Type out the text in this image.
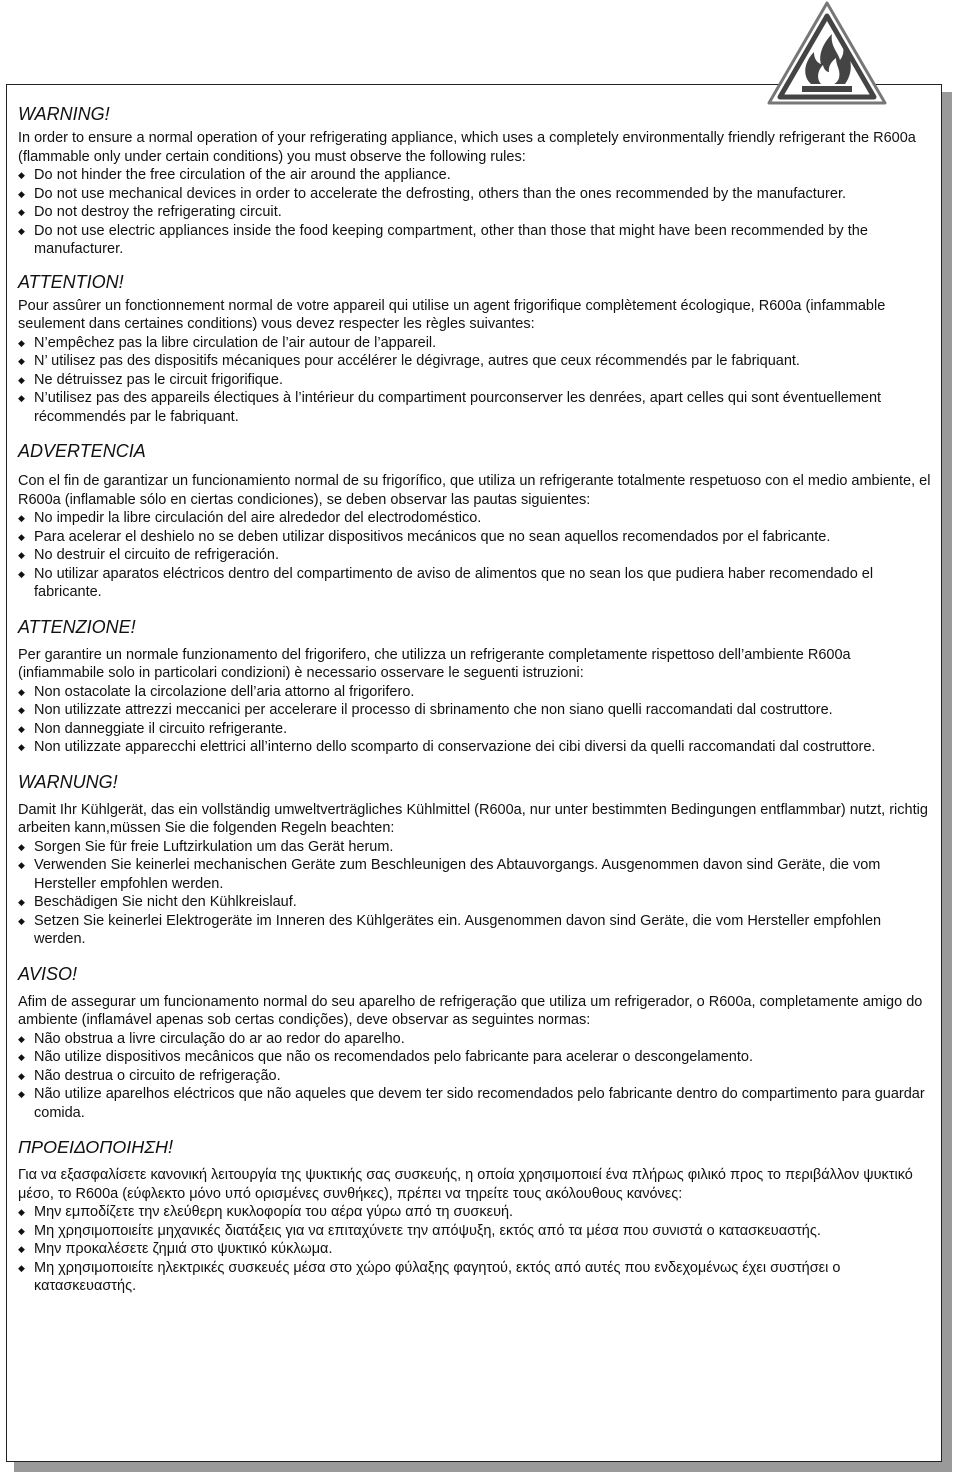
WARNING!

In order to ensure a normal operation of your refrigerating appliance, which uses a completely environmentally friendly refrigerant the R600a (flammable only under certain conditions) you must observe the following rules:

◆ Do not hinder the free circulation of the air around the appliance.
◆ Do not use mechanical devices in order to accelerate the defrosting, others than the ones recommended by the manufacturer.
◆ Do not destroy the refrigerating circuit.
◆ Do not use electric appliances inside the food keeping compartment, other than those that might have been recommended by the manufacturer.
ATTENTION!

Pour assûrer un fonctionnement normal de votre appareil qui utilise un agent frigorifique complètement écologique, R600a (infammable seulement dans certaines conditions) vous devez respecter les règles suivantes:

◆ N’empêchez pas la libre circulation de l’air autour de l’appareil.
◆ N’ utilisez pas des dispositifs mécaniques pour accélérer le dégivrage, autres que ceux récommendés par le fabriquant.
◆ Ne détruissez pas le circuit frigorifique.
◆ N’utilisez pas des appareils électiques à l’intérieur du compartiment pourconserver les denrées, apart celles qui sont éventuellement récommendés par le fabriquant.
ADVERTENCIA

Con el fin de garantizar un funcionamiento normal de su frigorífico, que utiliza un refrigerante totalmente respetuoso con el medio ambiente, el R600a (inflamable sólo en ciertas condiciones), se deben observar las pautas siguientes:

◆ No impedir la libre circulación del aire alrededor del electrodoméstico.
◆ Para acelerar el deshielo no se deben utilizar dispositivos mecánicos que no sean aquellos recomendados por el fabricante.
◆ No destruir el circuito de refrigeración.
◆ No utilizar aparatos eléctricos dentro del compartimento de aviso de alimentos que no sean los que pudiera haber recomendado el fabricante.
ATTENZIONE!

Per garantire un normale funzionamento del frigorifero, che utilizza un refrigerante completamente rispettoso dell’ambiente R600a (infiammabile solo in particolari condizioni) è necessario osservare le seguenti istruzioni:

◆ Non ostacolate la circolazione dell’aria attorno al frigorifero.
◆ Non utilizzate attrezzi meccanici per accelerare il processo di sbrinamento che non siano quelli raccomandati dal costruttore.
◆ Non danneggiate il circuito refrigerante.
◆ Non utilizzate apparecchi elettrici all’interno dello scomparto di conservazione dei cibi diversi da quelli raccomandati dal costruttore.
WARNUNG!

Damit Ihr Kühlgerät, das ein vollständig umweltverträgliches Kühlmittel (R600a, nur unter bestimmten Bedingungen entflammbar) nutzt, richtig arbeiten kann,müssen Sie die folgenden Regeln beachten:

◆ Sorgen Sie für freie Luftzirkulation um das Gerät herum.
◆ Verwenden Sie keinerlei mechanischen Geräte zum Beschleunigen des Abtauvorgangs. Ausgenommen davon sind Geräte, die vom Hersteller empfohlen werden.
◆ Beschädigen Sie nicht den Kühlkreislauf.
◆ Setzen Sie keinerlei Elektrogeräte im Inneren des Kühlgerätes ein. Ausgenommen davon sind Geräte, die vom Hersteller empfohlen werden.
AVISO!

Afim de assegurar um funcionamento normal do seu aparelho de refrigeração que utiliza um refrigerador, o R600a, completamente amigo do ambiente (inflamável apenas sob certas condições), deve observar as seguintes normas:

◆ Não obstrua a livre circulação do ar ao redor do aparelho.
◆ Não utilize dispositivos mecânicos que não os recomendados pelo fabricante para acelerar o descongelamento.
◆ Não destrua o circuito de refrigeração.
◆ Não utilize aparelhos eléctricos que não aqueles que devem ter sido recomendados pelo fabricante dentro do compartimento para guardar comida.
ΠΡΟΕΙΔΟΠΟΙΗΣΗ!

Για να εξασφαλίσετε κανονική λειτουργία της ψυκτικής σας συσκευής, η οποία χρησιμοποιεί ένα πλήρως φιλικό προς το περιβάλλον ψυκτικό μέσο, το R600a (εύφλεκτο μόνο υπό ορισμένες συνθήκες), πρέπει να τηρείτε τους ακόλουθους κανόνες:

◆ Μην εμποδίζετε την ελεύθερη κυκλοφορία του αέρα γύρω από τη συσκευή.
◆ Μη χρησιμοποιείτε μηχανικές διατάξεις για να επιταχύνετε την απόψυξη, εκτός από τα μέσα που συνιστά ο κατασκευαστής.
◆ Μην προκαλέσετε ζημιά στο ψυκτικό κύκλωμα.
◆ Μη χρησιμοποιείτε ηλεκτρικές συσκευές μέσα στο χώρο φύλαξης φαγητού, εκτός από αυτές που ενδεχομένως έχει συστήσει ο κατασκευαστής.
